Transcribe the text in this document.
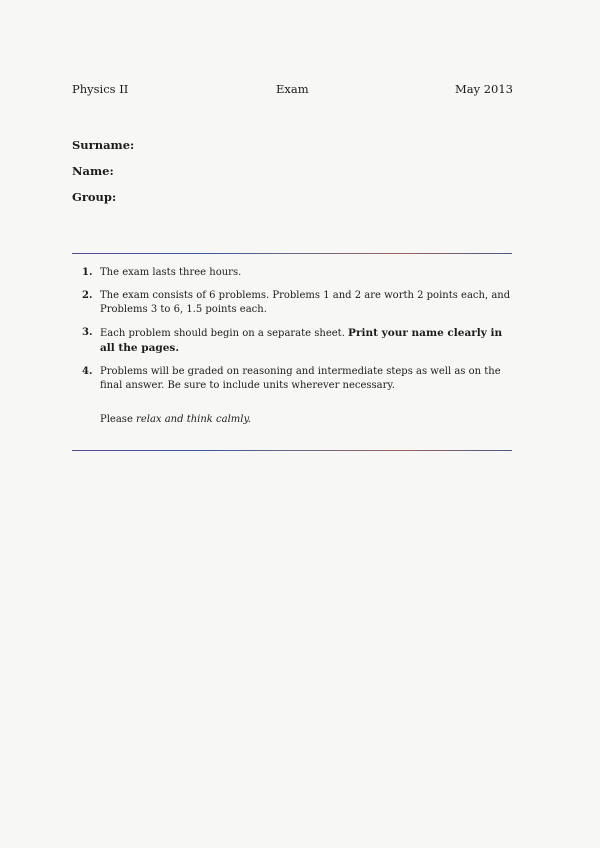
Physics II	Exam	May 2013
Surname:
Name:
Group:
1. The exam lasts three hours.
2. The exam consists of 6 problems. Problems 1 and 2 are worth 2 points each, and Problems 3 to 6, 1.5 points each.
3. Each problem should begin on a separate sheet. Print your name clearly in all the pages.
4. Problems will be graded on reasoning and intermediate steps as well as on the final answer. Be sure to include units wherever necessary.
Please relax and think calmly.
